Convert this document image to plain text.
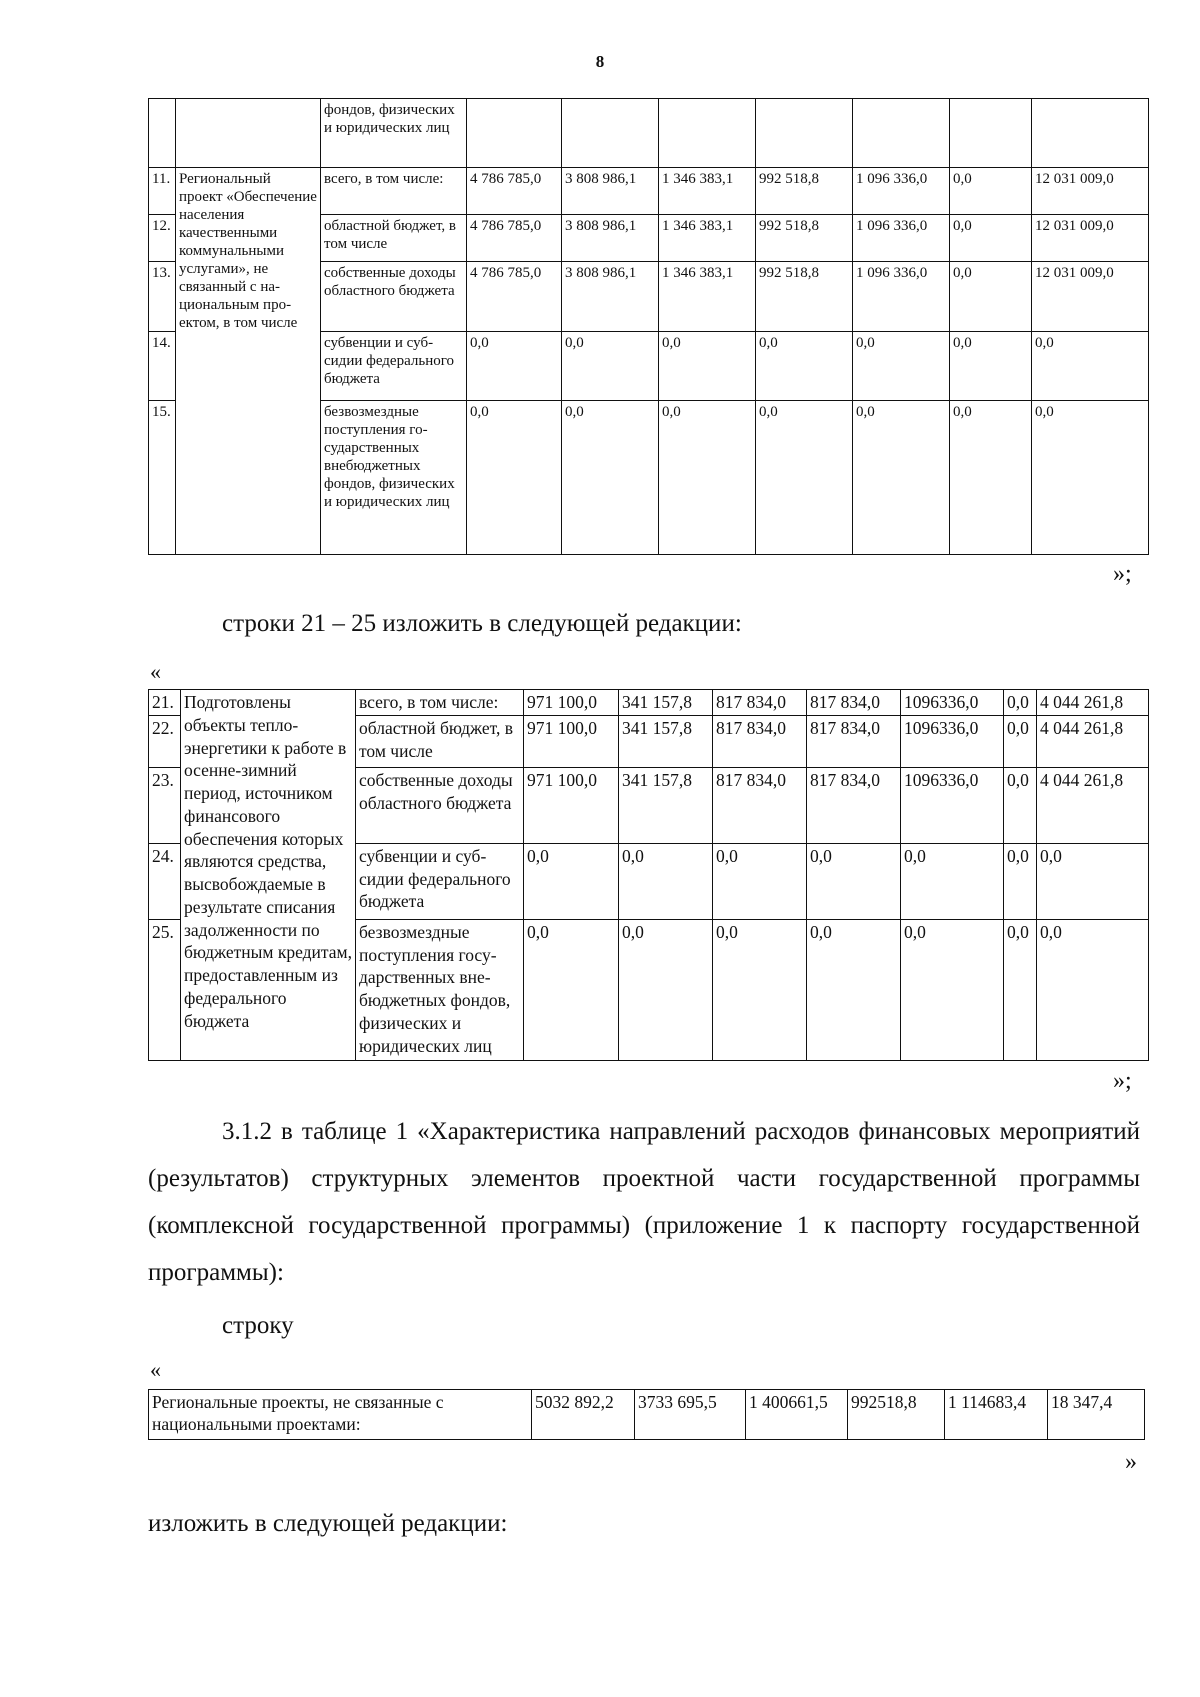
8
		фондов, физических и юридических лиц							
11.	Региональный проект «Обеспечение населения качественными коммунальными услугами», не связанный с национальным проектом, в том числе	всего, в том числе:	4 786 785,0	3 808 986,1	1 346 383,1	992 518,8	1 096 336,0	0,0	12 031 009,0
12.		областной бюджет, в том числе	4 786 785,0	3 808 986,1	1 346 383,1	992 518,8	1 096 336,0	0,0	12 031 009,0
13.		собственные доходы областного бюджета	4 786 785,0	3 808 986,1	1 346 383,1	992 518,8	1 096 336,0	0,0	12 031 009,0
14.		субвенции и субсидии федерального бюджета	0,0	0,0	0,0	0,0	0,0	0,0	0,0
15.		безвозмездные поступления государственных внебюджетных фондов, физических и юридических лиц	0,0	0,0	0,0	0,0	0,0	0,0	0,0
»;
строки 21 – 25 изложить в следующей редакции:
«
21.	Подготовлены объекты теплоэнергетики к работе в осенне-зимний период, источником финансового обеспечения которых являются средства, высвобождаемые в результате списания задолженности по бюджетным кредитам, предоставленным из федерального бюджета	всего, в том числе:	971 100,0	341 157,8	817 834,0	817 834,0	1096336,0	0,0	4 044 261,8
22.		областной бюджет, в том числе	971 100,0	341 157,8	817 834,0	817 834,0	1096336,0	0,0	4 044 261,8
23.		собственные доходы областного бюджета	971 100,0	341 157,8	817 834,0	817 834,0	1096336,0	0,0	4 044 261,8
24.		субвенции и субсидии федерального бюджета	0,0	0,0	0,0	0,0	0,0	0,0	0,0
25.		безвозмездные поступления государственных внебюджетных фондов, физических и юридических лиц	0,0	0,0	0,0	0,0	0,0	0,0	0,0
»;
3.1.2 в таблице 1 «Характеристика направлений расходов финансовых мероприятий (результатов) структурных элементов проектной части государственной программы (комплексной государственной программы) (приложение 1 к паспорту государственной программы):
строку
«
Региональные проекты, не связанные с национальными проектами:	5032 892,2	3733 695,5	1 400661,5	992518,8	1 114683,4	18 347,4
»
изложить в следующей редакции:
